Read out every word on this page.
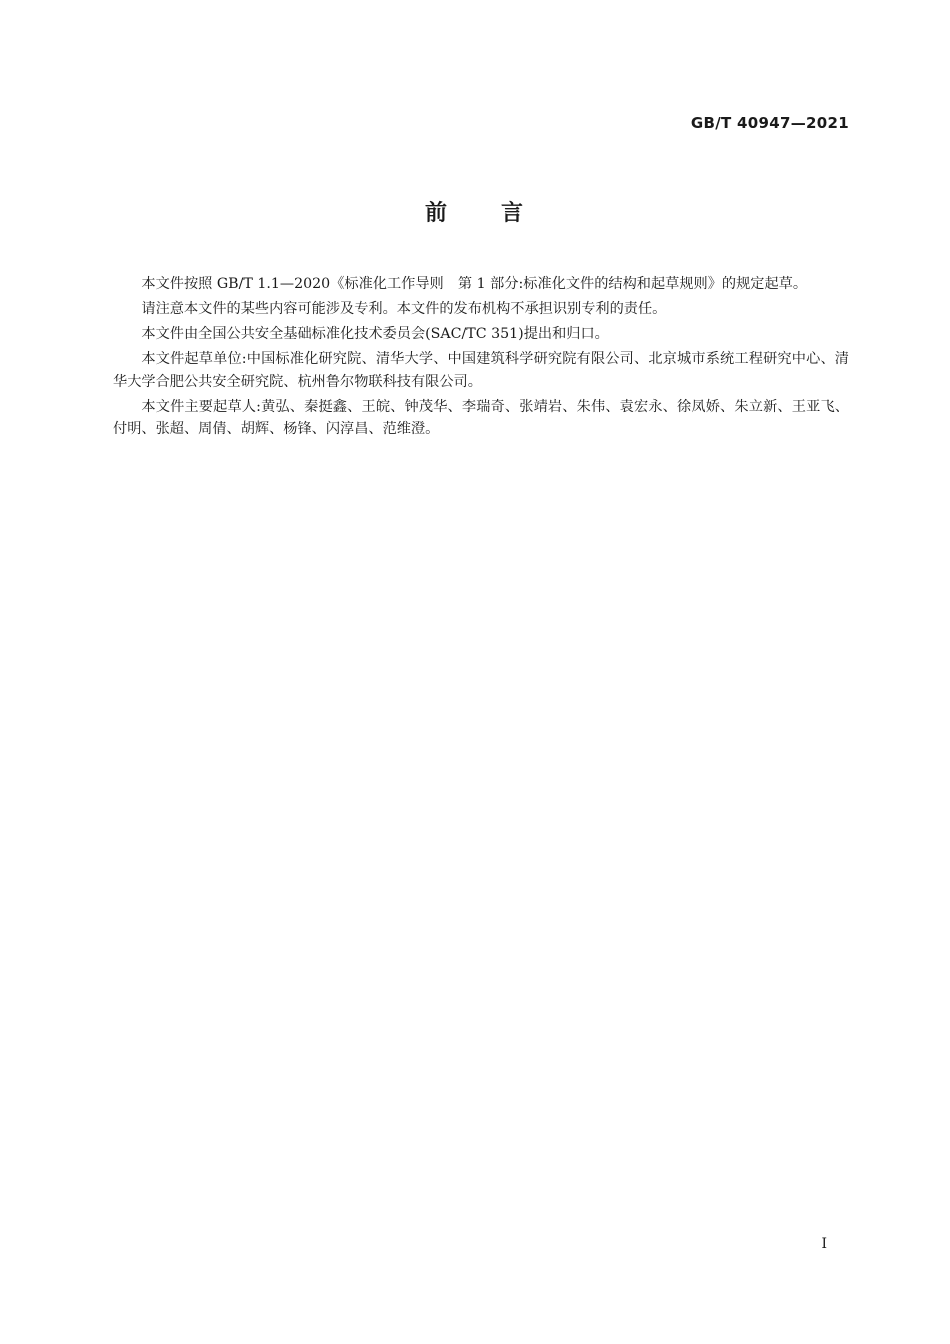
GB/T 40947—2021
前 言

本文件按照 GB/T 1.1—2020《标准化工作导则　第 1 部分:标准化文件的结构和起草规则》的规定起草。

请注意本文件的某些内容可能涉及专利。本文件的发布机构不承担识别专利的责任。

本文件由全国公共安全基础标准化技术委员会(SAC/TC 351)提出和归口。

本文件起草单位:中国标准化研究院、清华大学、中国建筑科学研究院有限公司、北京城市系统工程研究中心、清华大学合肥公共安全研究院、杭州鲁尔物联科技有限公司。

本文件主要起草人:黄弘、秦挺鑫、王皖、钟茂华、李瑞奇、张靖岩、朱伟、袁宏永、徐凤娇、朱立新、王亚飞、付明、张超、周倩、胡辉、杨锋、闪淳昌、范维澄。

I
